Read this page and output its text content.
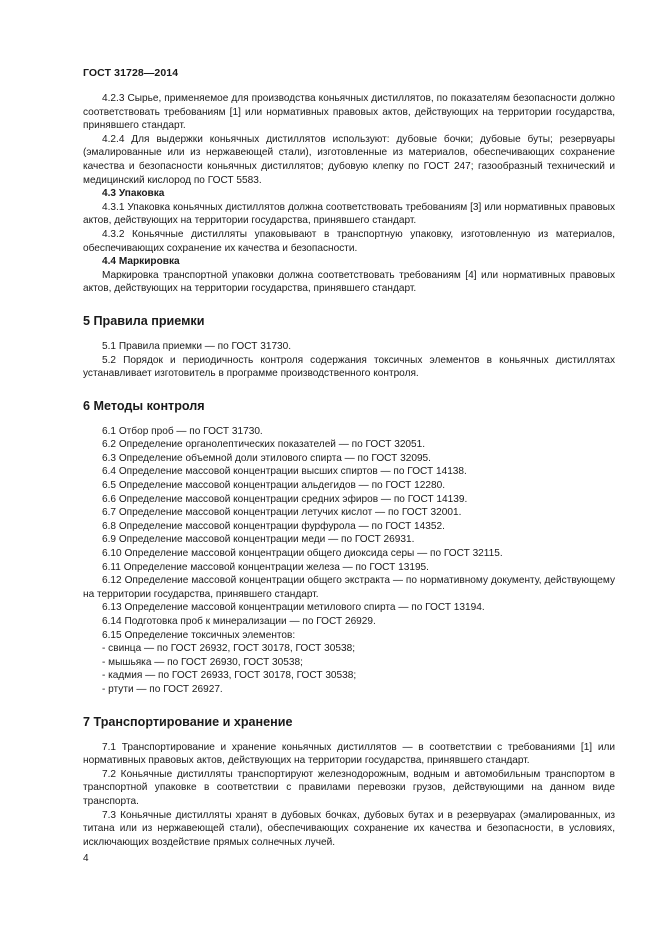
ГОСТ 31728—2014

4.2.3 Сырье, применяемое для производства коньячных дистиллятов, по показателям безопасности должно соответствовать требованиям [1] или нормативных правовых актов, действующих на территории государства, принявшего стандарт.

4.2.4 Для выдержки коньячных дистиллятов используют: дубовые бочки; дубовые буты; резервуары (эмалированные или из нержавеющей стали), изготовленные из материалов, обеспечивающих сохранение качества и безопасности коньячных дистиллятов; дубовую клепку по ГОСТ 247; газообразный технический и медицинский кислород по ГОСТ 5583.

4.3 Упаковка

4.3.1 Упаковка коньячных дистиллятов должна соответствовать требованиям [3] или нормативных правовых актов, действующих на территории государства, принявшего стандарт.

4.3.2 Коньячные дистилляты упаковывают в транспортную упаковку, изготовленную из материалов, обеспечивающих сохранение их качества и безопасности.

4.4 Маркировка

Маркировка транспортной упаковки должна соответствовать требованиям [4] или нормативных правовых актов, действующих на территории государства, принявшего стандарт.

5 Правила приемки

5.1 Правила приемки — по ГОСТ 31730.

5.2 Порядок и периодичность контроля содержания токсичных элементов в коньячных дистиллятах устанавливает изготовитель в программе производственного контроля.

6 Методы контроля

6.1 Отбор проб — по ГОСТ 31730.

6.2 Определение органолептических показателей — по ГОСТ 32051.

6.3 Определение объемной доли этилового спирта — по ГОСТ 32095.

6.4 Определение массовой концентрации высших спиртов — по ГОСТ 14138.

6.5 Определение массовой концентрации альдегидов — по ГОСТ 12280.

6.6 Определение массовой концентрации средних эфиров — по ГОСТ 14139.

6.7 Определение массовой концентрации летучих кислот — по ГОСТ 32001.

6.8 Определение массовой концентрации фурфурола — по ГОСТ 14352.

6.9 Определение массовой концентрации меди — по ГОСТ 26931.

6.10 Определение массовой концентрации общего диоксида серы — по ГОСТ 32115.

6.11 Определение массовой концентрации железа — по ГОСТ 13195.

6.12 Определение массовой концентрации общего экстракта — по нормативному документу, действующему на территории государства, принявшего стандарт.

6.13 Определение массовой концентрации метилового спирта — по ГОСТ 13194.

6.14 Подготовка проб к минерализации — по ГОСТ 26929.

6.15 Определение токсичных элементов:

- свинца — по ГОСТ 26932, ГОСТ 30178, ГОСТ 30538;

- мышьяка — по ГОСТ 26930, ГОСТ 30538;

- кадмия — по ГОСТ 26933, ГОСТ 30178, ГОСТ 30538;

- ртути — по ГОСТ 26927.

7 Транспортирование и хранение

7.1 Транспортирование и хранение коньячных дистиллятов — в соответствии с требованиями [1] или нормативных правовых актов, действующих на территории государства, принявшего стандарт.

7.2 Коньячные дистилляты транспортируют железнодорожным, водным и автомобильным транспортом в транспортной упаковке в соответствии с правилами перевозки грузов, действующими на данном виде транспорта.

7.3 Коньячные дистилляты хранят в дубовых бочках, дубовых бутах и в резервуарах (эмалированных, из титана или из нержавеющей стали), обеспечивающих сохранение их качества и безопасности, в условиях, исключающих воздействие прямых солнечных лучей.

4
